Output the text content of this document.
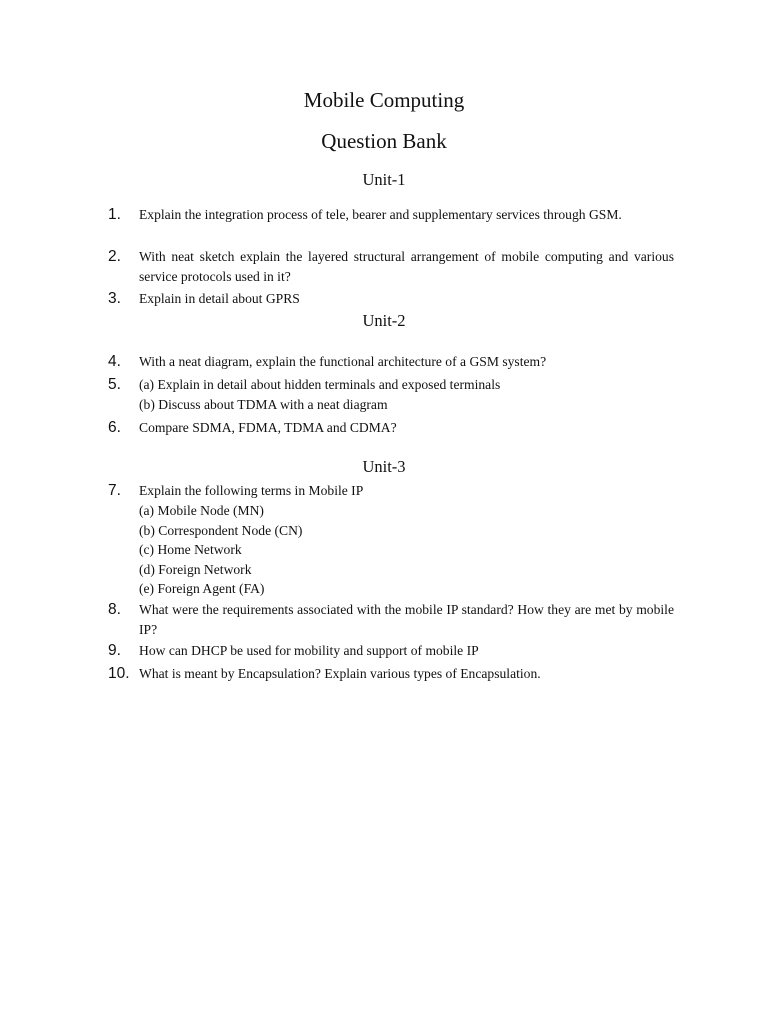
Mobile Computing
Question Bank
Unit-1
1. Explain the integration process of tele, bearer and supplementary services through GSM.
2. With neat sketch explain the layered structural arrangement of mobile computing and various service protocols used in it?
3. Explain in detail about GPRS
Unit-2
4. With a neat diagram, explain the functional architecture of a GSM system?
5. (a) Explain in detail about hidden terminals and exposed terminals
(b) Discuss about TDMA with a neat diagram
6. Compare SDMA, FDMA, TDMA and CDMA?
Unit-3
7. Explain the following terms in Mobile IP
(a) Mobile Node (MN)
(b) Correspondent Node (CN)
(c) Home Network
(d) Foreign Network
(e) Foreign Agent (FA)
8. What were the requirements associated with the mobile IP standard? How they are met by mobile IP?
9. How can DHCP be used for mobility and support of mobile IP
10. What is meant by Encapsulation? Explain various types of Encapsulation.
